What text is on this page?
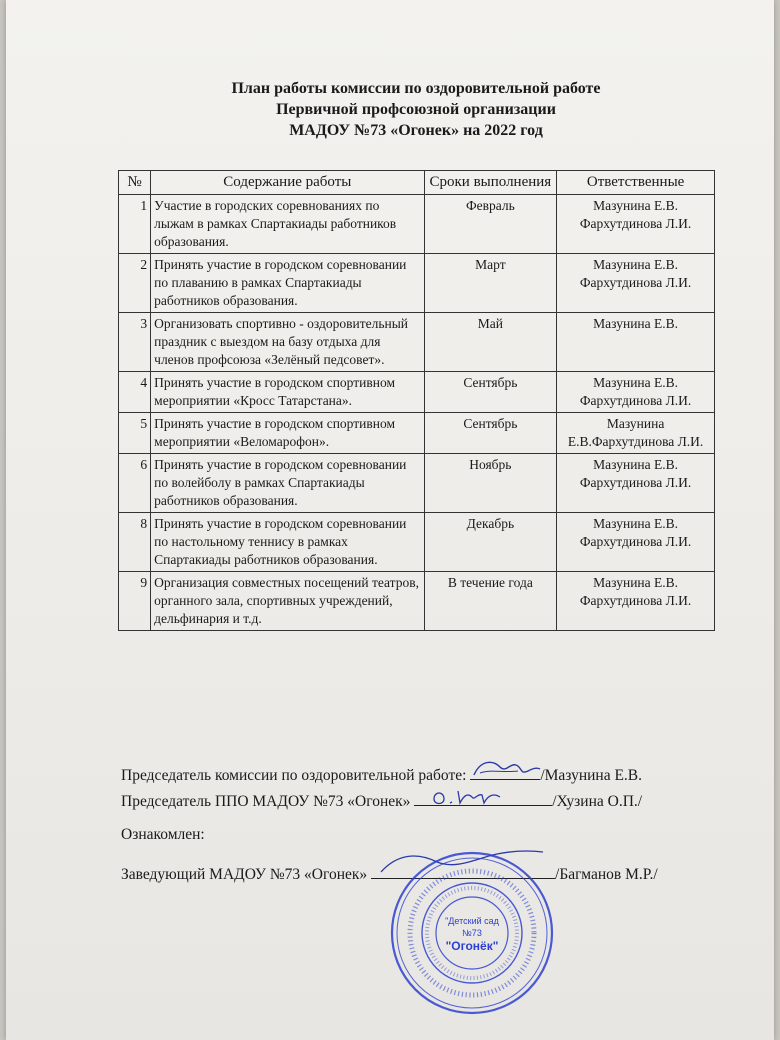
План работы комиссии по оздоровительной работе
Первичной профсоюзной организации
МАДОУ №73 «Огонек» на 2022 год
№	Содержание работы	Сроки выполнения	Ответственные
1	Участие в городских соревнованиях по лыжам в рамках Спартакиады работников образования.	Февраль	Мазунина Е.В. Фархутдинова Л.И.
2	Принять участие в городском соревновании по плаванию в рамках Спартакиады работников образования.	Март	Мазунина Е.В. Фархутдинова Л.И.
3	Организовать спортивно - оздоровительный праздник с выездом на базу отдыха для членов профсоюза «Зелёный педсовет».	Май	Мазунина Е.В.
4	Принять участие в городском спортивном мероприятии «Кросс Татарстана».	Сентябрь	Мазунина Е.В. Фархутдинова Л.И.
5	Принять участие в городском спортивном мероприятии «Веломарофон».	Сентябрь	Мазунина Е.В.Фархутдинова Л.И.
6	Принять участие в городском соревновании по волейболу в рамках Спартакиады работников образования.	Ноябрь	Мазунина Е.В. Фархутдинова Л.И.
8	Принять участие в городском соревновании по настольному теннису в рамках Спартакиады работников образования.	Декабрь	Мазунина Е.В. Фархутдинова Л.И.
9	Организация совместных посещений театров, органного зала, спортивных учреждений, дельфинария и т.д.	В течение года	Мазунина Е.В. Фархутдинова Л.И.
Председатель комиссии по оздоровительной работе:	/Мазунина Е.В.
Председатель ППО МАДОУ №73 «Огонек»	/Хузина О.П./
Ознакомлен:
Заведующий МАДОУ №73 «Огонек»	/Багманов М.Р./
"Детский сад
№73
"Огонёк"
